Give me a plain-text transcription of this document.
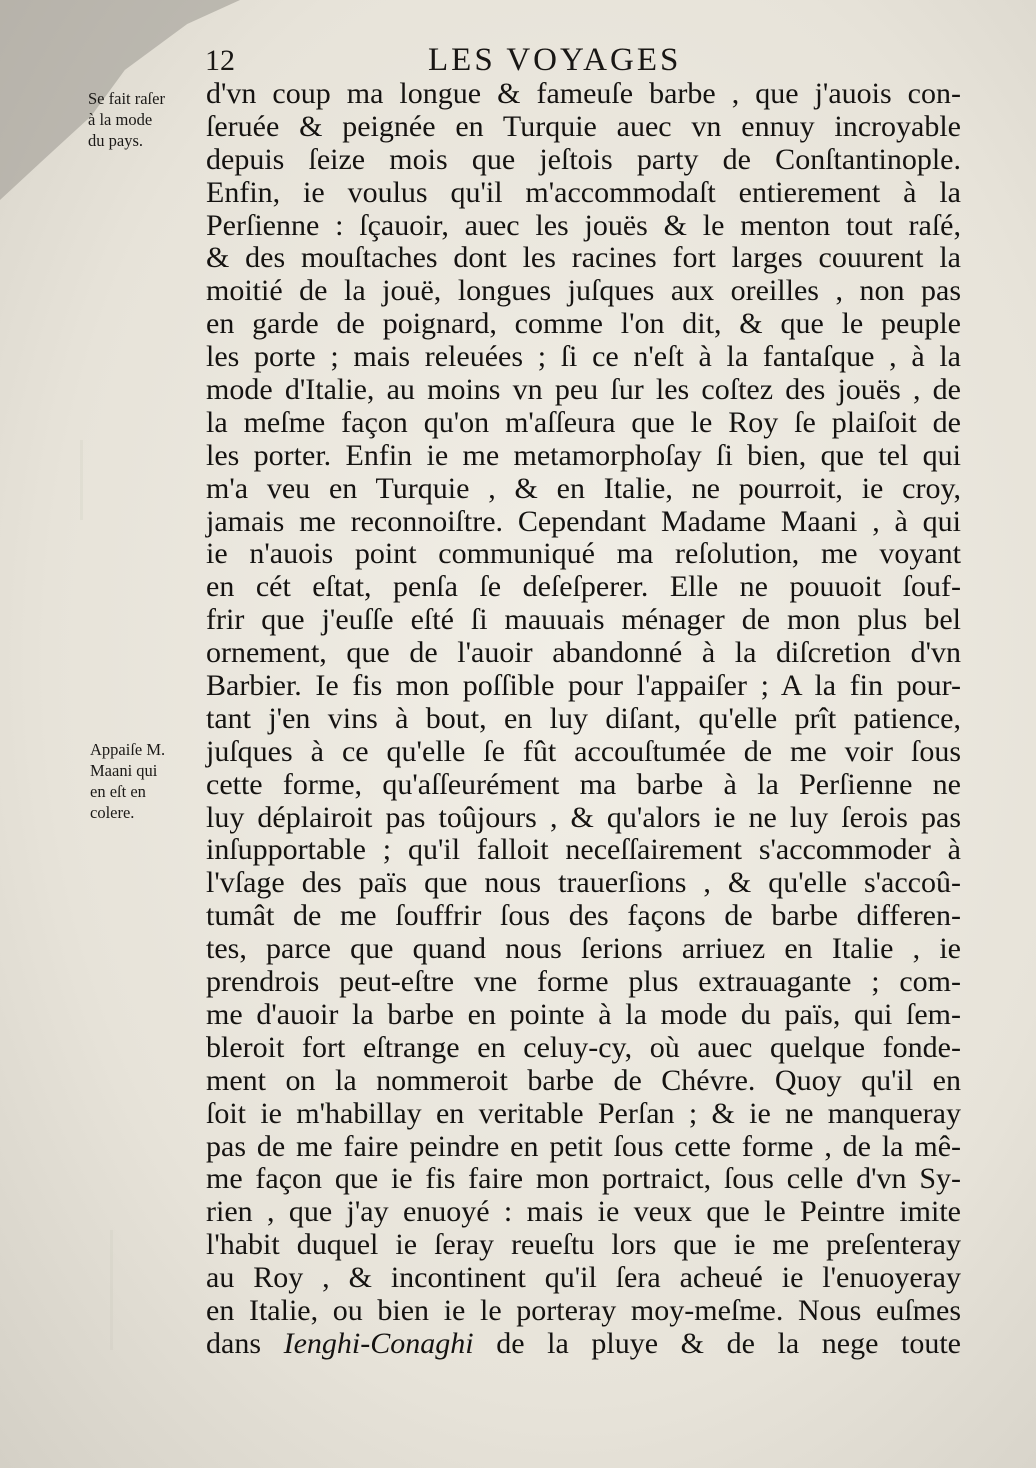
12	LES VOYAGES
Se fait raſer
à la mode
du pays.
Appaiſe M.
Maani qui
en eſt en
colere.
d'vn coup ma longue & fameuſe barbe , que j'auois con-
ſeruée & peignée en Turquie auec vn ennuy incroyable
depuis ſeize mois que jeſtois party de Conſtantinople.
Enfin, ie voulus qu'il m'accommodaſt entierement à la
Perſienne : ſçauoir, auec les jouës & le menton tout raſé,
& des mouſtaches dont les racines fort larges couurent la
moitié de la jouë, longues juſques aux oreilles , non pas
en garde de poignard, comme l'on dit, & que le peuple
les porte ; mais releuées ; ſi ce n'eſt à la fantaſque , à la
mode d'Italie, au moins vn peu ſur les coſtez des jouës , de
la meſme façon qu'on m'aſſeura que le Roy ſe plaiſoit de
les porter. Enfin ie me metamorphoſay ſi bien, que tel qui
m'a veu en Turquie , & en Italie, ne pourroit, ie croy,
jamais me reconnoiſtre. Cependant Madame Maani , à qui
ie n'auois point communiqué ma reſolution, me voyant
en cét eſtat, penſa ſe deſeſperer. Elle ne pouuoit ſouf-
frir que j'euſſe eſté ſi mauuais ménager de mon plus bel
ornement, que de l'auoir abandonné à la diſcretion d'vn
Barbier. Ie fis mon poſſible pour l'appaiſer ; A la fin pour-
tant j'en vins à bout, en luy diſant, qu'elle prît patience,
juſques à ce qu'elle ſe fût accouſtumée de me voir ſous
cette forme, qu'aſſeurément ma barbe à la Perſienne ne
luy déplairoit pas toûjours , & qu'alors ie ne luy ſerois pas
inſupportable ; qu'il falloit neceſſairement s'accommoder à
l'vſage des païs que nous trauerſions , & qu'elle s'accoû-
tumât de me ſouffrir ſous des façons de barbe differen-
tes, parce que quand nous ſerions arriuez en Italie , ie
prendrois peut-eſtre vne forme plus extrauagante ; com-
me d'auoir la barbe en pointe à la mode du païs, qui ſem-
bleroit fort eſtrange en celuy-cy, où auec quelque fonde-
ment on la nommeroit barbe de Chévre. Quoy qu'il en
ſoit ie m'habillay en veritable Perſan ; & ie ne manqueray
pas de me faire peindre en petit ſous cette forme , de la mê-
me façon que ie fis faire mon portraict, ſous celle d'vn Sy-
rien , que j'ay enuoyé : mais ie veux que le Peintre imite
l'habit duquel ie ſeray reueſtu lors que ie me preſenteray
au Roy , & incontinent qu'il ſera acheué ie l'enuoyeray
en Italie, ou bien ie le porteray moy-meſme. Nous euſmes
dans Ienghi-Conaghi de la pluye & de la nege toute
